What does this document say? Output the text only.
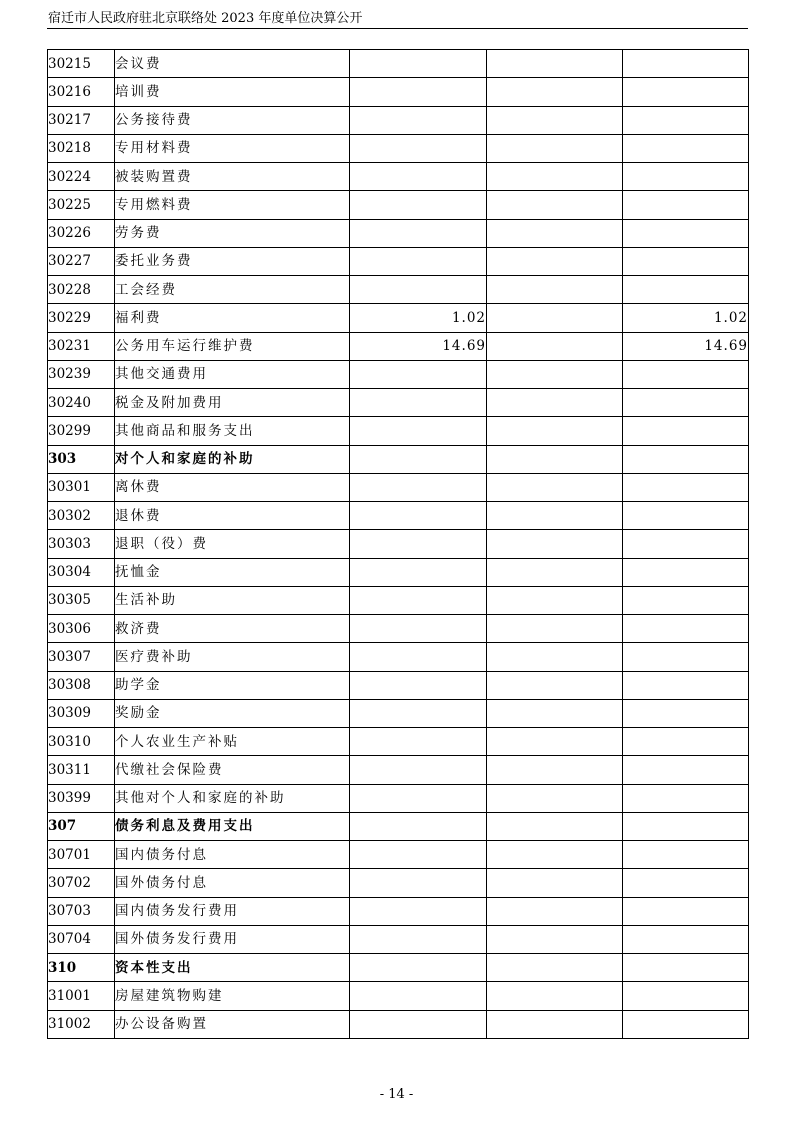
宿迁市人民政府驻北京联络处 2023 年度单位决算公开
30215	会议费			
30216	培训费			
30217	公务接待费			
30218	专用材料费			
30224	被装购置费			
30225	专用燃料费			
30226	劳务费			
30227	委托业务费			
30228	工会经费			
30229	福利费	1.02		1.02
30231	公务用车运行维护费	14.69		14.69
30239	其他交通费用			
30240	税金及附加费用			
30299	其他商品和服务支出			
303	对个人和家庭的补助			
30301	离休费			
30302	退休费			
30303	退职（役）费			
30304	抚恤金			
30305	生活补助			
30306	救济费			
30307	医疗费补助			
30308	助学金			
30309	奖励金			
30310	个人农业生产补贴			
30311	代缴社会保险费			
30399	其他对个人和家庭的补助			
307	债务利息及费用支出			
30701	国内债务付息			
30702	国外债务付息			
30703	国内债务发行费用			
30704	国外债务发行费用			
310	资本性支出			
31001	房屋建筑物购建			
31002	办公设备购置			
- 14 -
